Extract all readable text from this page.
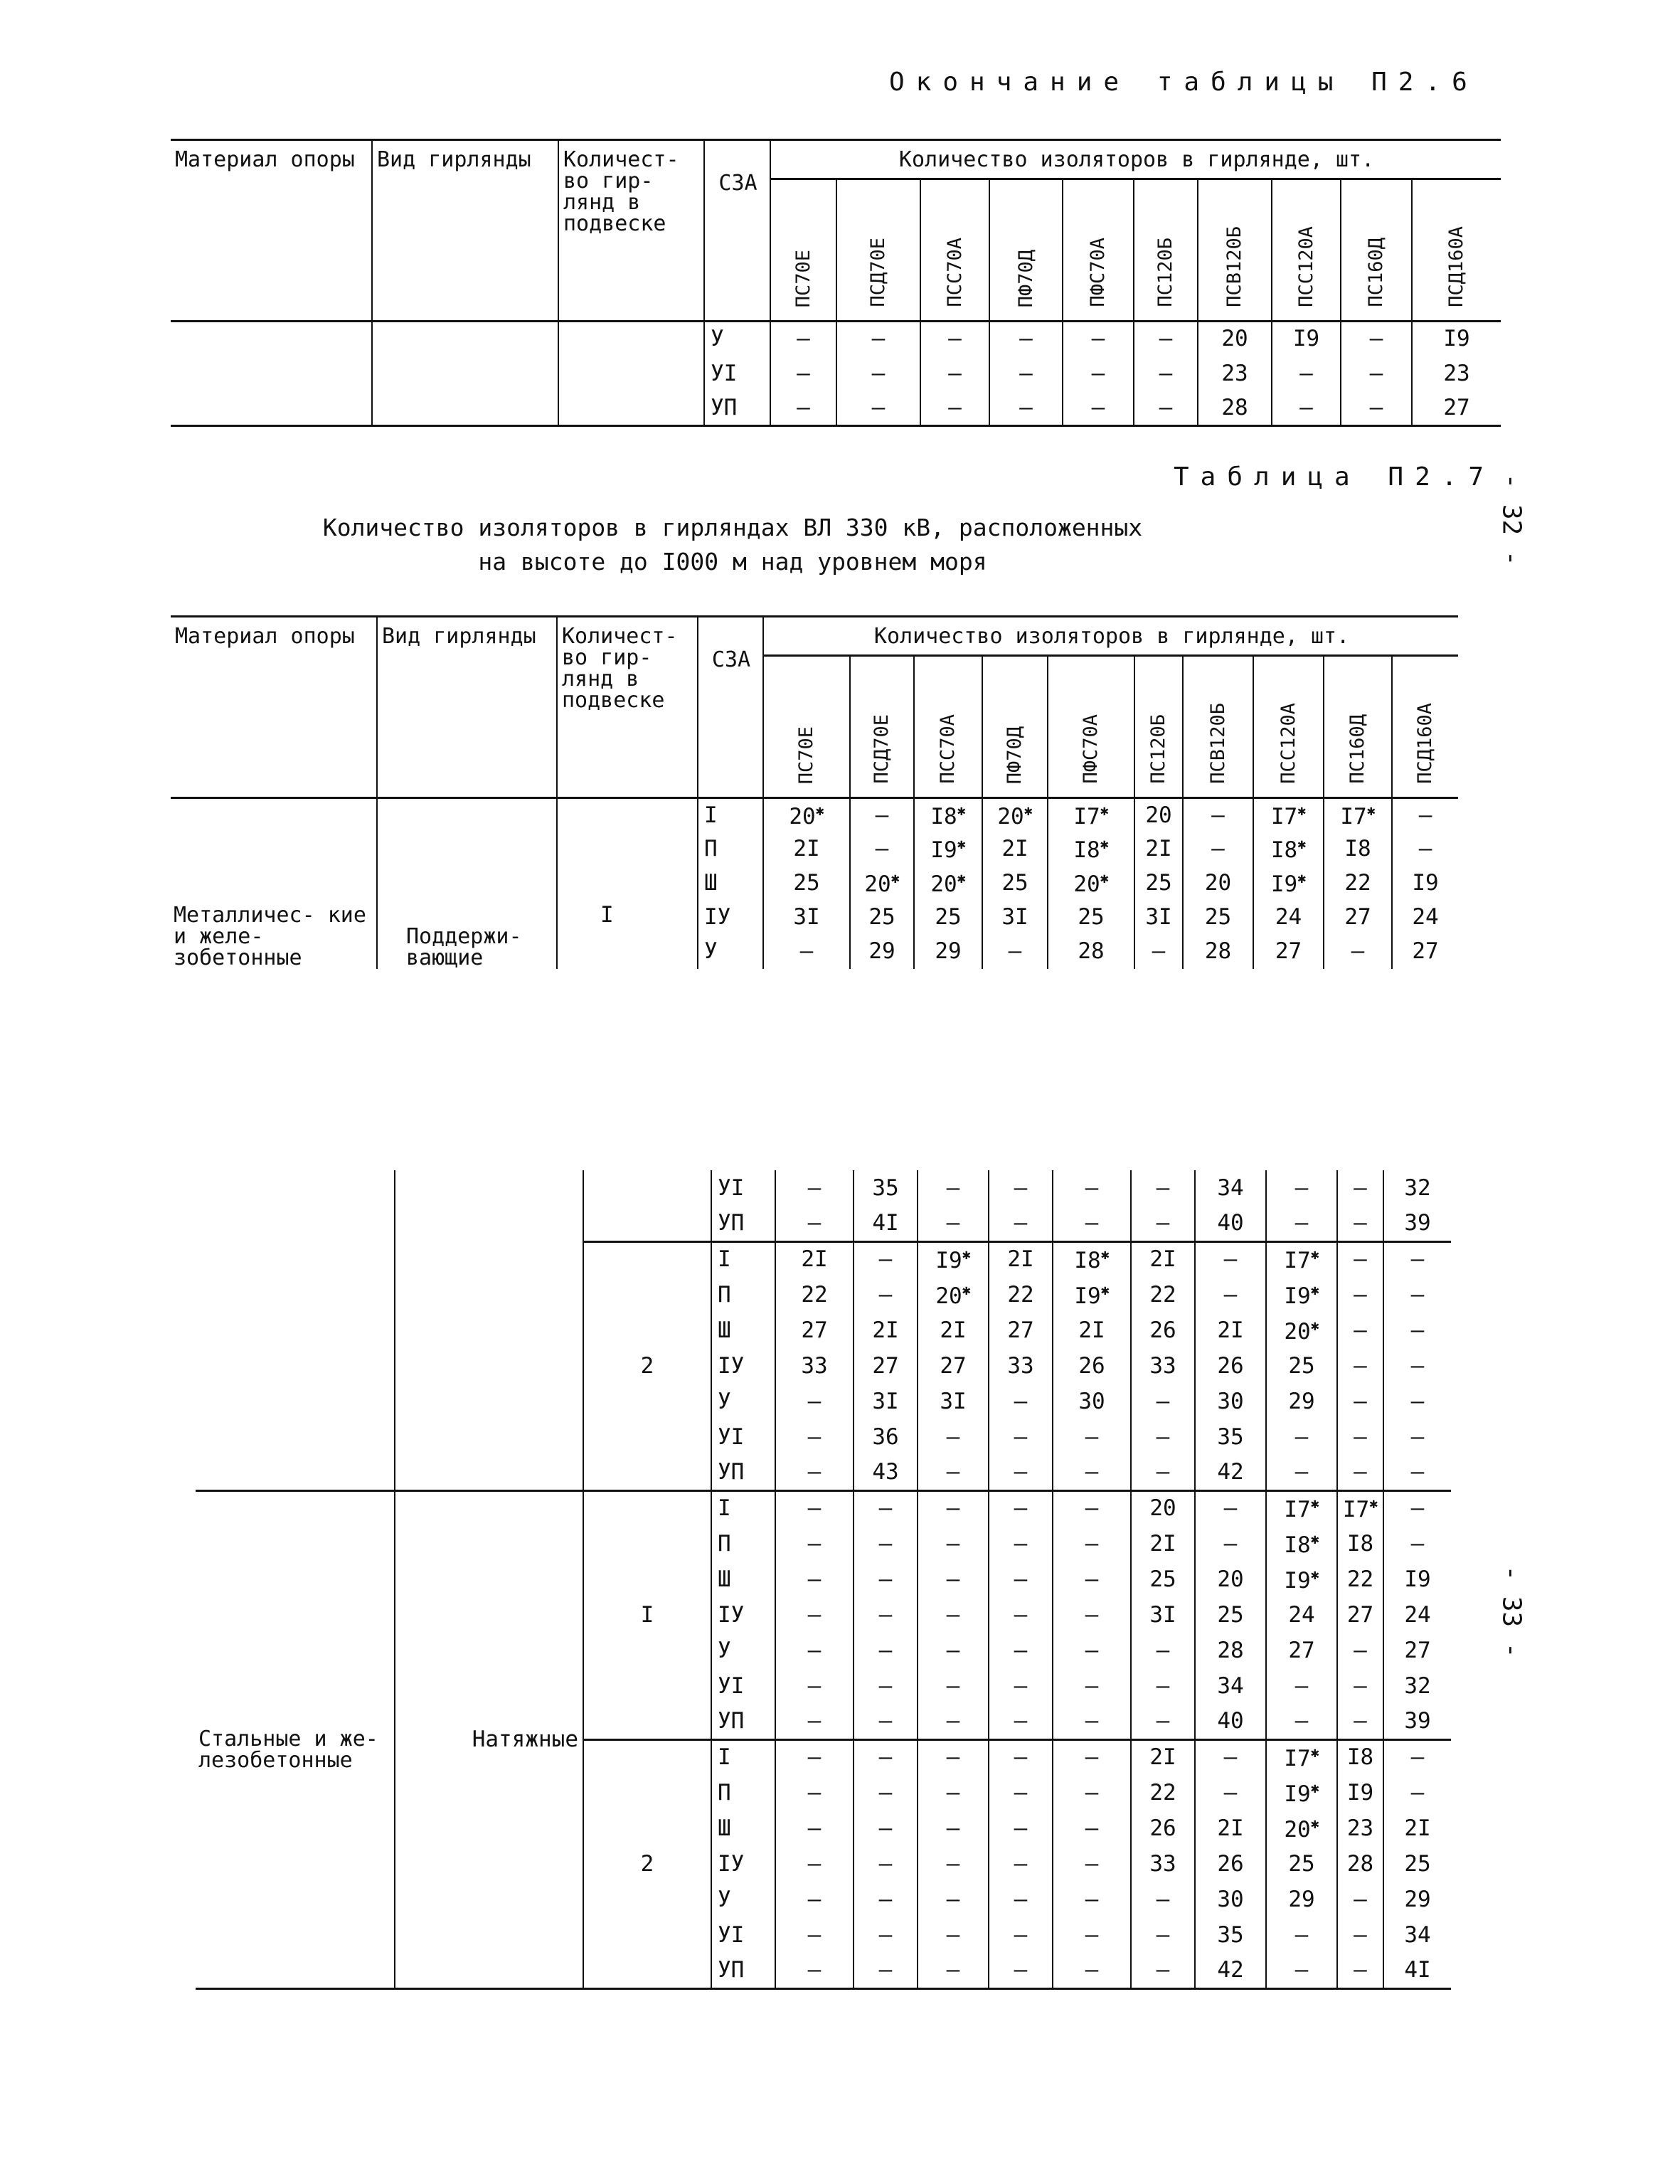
Окончание таблицы П2.6
- 32 -
- 33 -
Таблица П2.7
Количество изоляторов в гирляндах ВЛ 330 кВ, расположенных
на высоте до I000 м над уровнем моря
Материал опоры	Вид гирлянды	Количест- во гир- лянд в подвеске	СЗА	Количество изоляторов в гирлянде, шт.									
				ПС70Е	ПСД70Е	ПСС70А	ПФ70Д	ПФС70А	ПС120Б	ПСВ120Б	ПСС120А	ПС160Д	ПСД160А
			У	–	–	–	–	–	–	20	I9	–	I9
			УI	–	–	–	–	–	–	23	–	–	23
			УП	–	–	–	–	–	–	28	–	–	27
Материал опоры	Вид гирлянды	Количест- во гир- лянд в подвеске	СЗА	Количество изоляторов в гирлянде, шт.									
				ПС70Е	ПСД70Е	ПСС70А	ПФ70Д	ПФС70А	ПС120Б	ПСВ120Б	ПСС120А	ПС160Д	ПСД160А
Металличес- кие и желе- зобетонные	Поддержи- вающие	I	I	20✱	–	I8✱	20✱	I7✱	20	–	I7✱	I7✱	–
			П	2I	–	I9✱	2I	I8✱	2I	–	I8✱	I8	–
			Ш	25	20✱	20✱	25	20✱	25	20	I9✱	22	I9
			IУ	3I	25	25	3I	25	3I	25	24	27	24
			У	–	29	29	–	28	–	28	27	–	27
			УI	–	35	–	–	–	–	34	–	–	32
			УП	–	4I	–	–	–	–	40	–	–	39
		2	I	2I	–	I9✱	2I	I8✱	2I	–	I7✱	–	–
			П	22	–	20✱	22	I9✱	22	–	I9✱	–	–
			Ш	27	2I	2I	27	2I	26	2I	20✱	–	–
			IУ	33	27	27	33	26	33	26	25	–	–
			У	–	3I	3I	–	30	–	30	29	–	–
			УI	–	36	–	–	–	–	35	–	–	–
			УП	–	43	–	–	–	–	42	–	–	–
Стальные и же- лезобетонные	Натяжные	I	I	–	–	–	–	–	20	–	I7✱	I7✱	–
			П	–	–	–	–	–	2I	–	I8✱	I8	–
			Ш	–	–	–	–	–	25	20	I9✱	22	I9
			IУ	–	–	–	–	–	3I	25	24	27	24
			У	–	–	–	–	–	–	28	27	–	27
			УI	–	–	–	–	–	–	34	–	–	32
			УП	–	–	–	–	–	–	40	–	–	39
		2	I	–	–	–	–	–	2I	–	I7✱	I8	–
			П	–	–	–	–	–	22	–	I9✱	I9	–
			Ш	–	–	–	–	–	26	2I	20✱	23	2I
			IУ	–	–	–	–	–	33	26	25	28	25
			У	–	–	–	–	–	–	30	29	–	29
			УI	–	–	–	–	–	–	35	–	–	34
			УП	–	–	–	–	–	–	42	–	–	4I
